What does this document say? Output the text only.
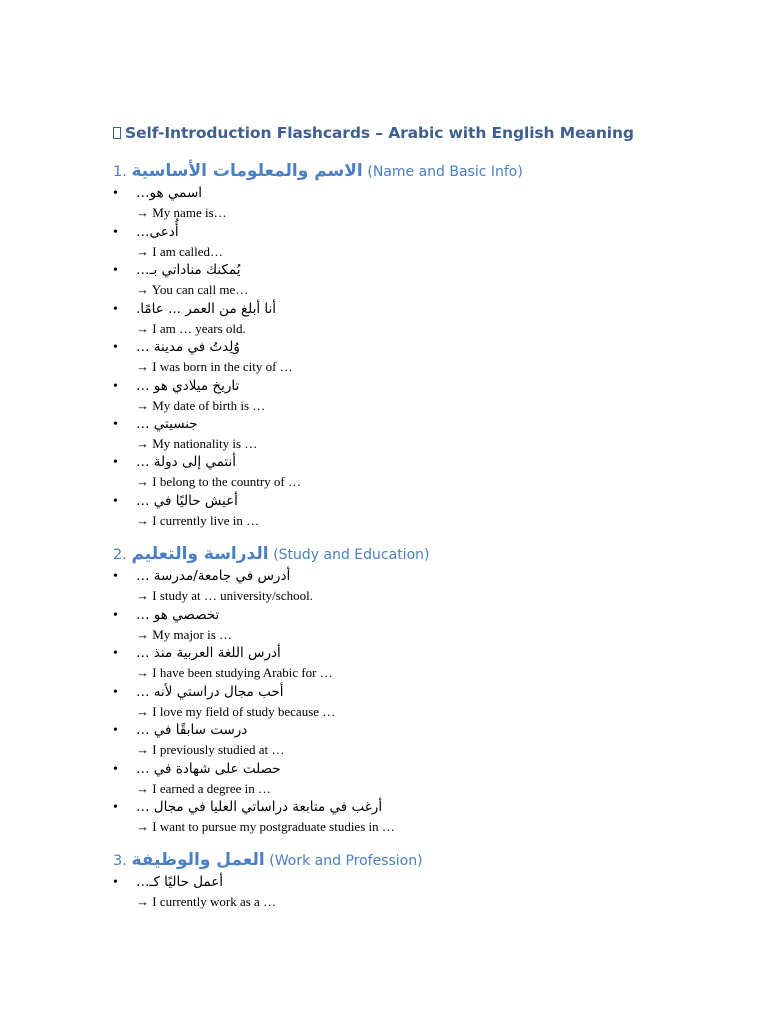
Self-Introduction Flashcards – Arabic with English Meaning
1. الاسم والمعلومات الأساسية (Name and Basic Info)
• اسمي هو…
→ My name is…
• أُدعى…
→ I am called…
• يُمكنك مناداتي بـ…
→ You can call me…
• أنا أبلغ من العمر ... عامًا.
→ I am … years old.
• وُلِدتُ في مدينة …
→ I was born in the city of …
• تاريخ ميلادي هو …
→ My date of birth is …
• جنسيتي …
→ My nationality is …
• أنتمي إلى دولة …
→ I belong to the country of …
• أعيش حاليًا في …
→ I currently live in …
2. الدراسة والتعليم (Study and Education)
• أدرس في جامعة/مدرسة …
→ I study at … university/school.
• تخصصي هو …
→ My major is …
• أدرس اللغة العربية منذ …
→ I have been studying Arabic for …
• أحب مجال دراستي لأنه …
→ I love my field of study because …
• درست سابقًا في …
→ I previously studied at …
• حصلت على شهادة في …
→ I earned a degree in …
• أرغب في متابعة دراساتي العليا في مجال …
→ I want to pursue my postgraduate studies in …
3. العمل والوظيفة (Work and Profession)
• أعمل حاليًا كـ…
→ I currently work as a …
